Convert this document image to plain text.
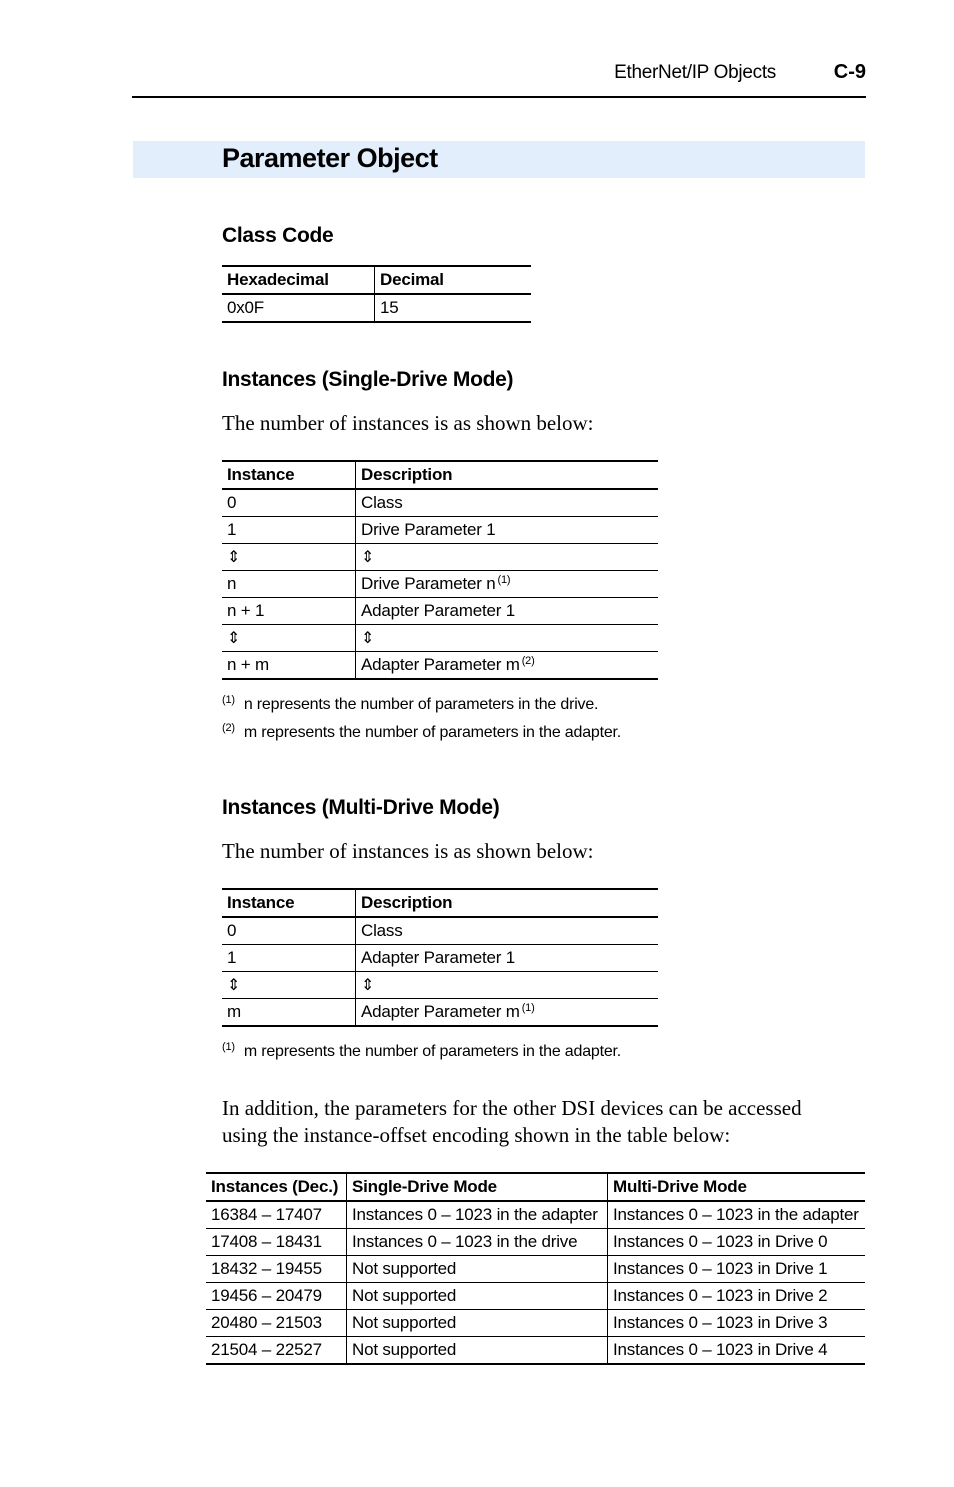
EtherNet/IP Objects	C-9
Parameter Object
Class Code
Hexadecimal	Decimal
0x0F	15
Instances (Single-Drive Mode)
The number of instances is as shown below:
Instance	Description
0	Class
1	Drive Parameter 1
⇕	⇕
n	Drive Parameter n $^{(1)}$
n + 1	Adapter Parameter 1
⇕	⇕
n + m	Adapter Parameter m $^{(2)}$
$^{(1)}$ n represents the number of parameters in the drive.
$^{(2)}$ m represents the number of parameters in the adapter.
Instances (Multi-Drive Mode)
The number of instances is as shown below:
Instance	Description
0	Class
1	Adapter Parameter 1
⇕	⇕
m	Adapter Parameter m $^{(1)}$
$^{(1)}$ m represents the number of parameters in the adapter.
In addition, the parameters for the other DSI devices can be accessed
using the instance-offset encoding shown in the table below:
Instances (Dec.)	Single-Drive Mode	Multi-Drive Mode
16384 – 17407	Instances 0 – 1023 in the adapter	Instances 0 – 1023 in the adapter
17408 – 18431	Instances 0 – 1023 in the drive	Instances 0 – 1023 in Drive 0
18432 – 19455	Not supported	Instances 0 – 1023 in Drive 1
19456 – 20479	Not supported	Instances 0 – 1023 in Drive 2
20480 – 21503	Not supported	Instances 0 – 1023 in Drive 3
21504 – 22527	Not supported	Instances 0 – 1023 in Drive 4
